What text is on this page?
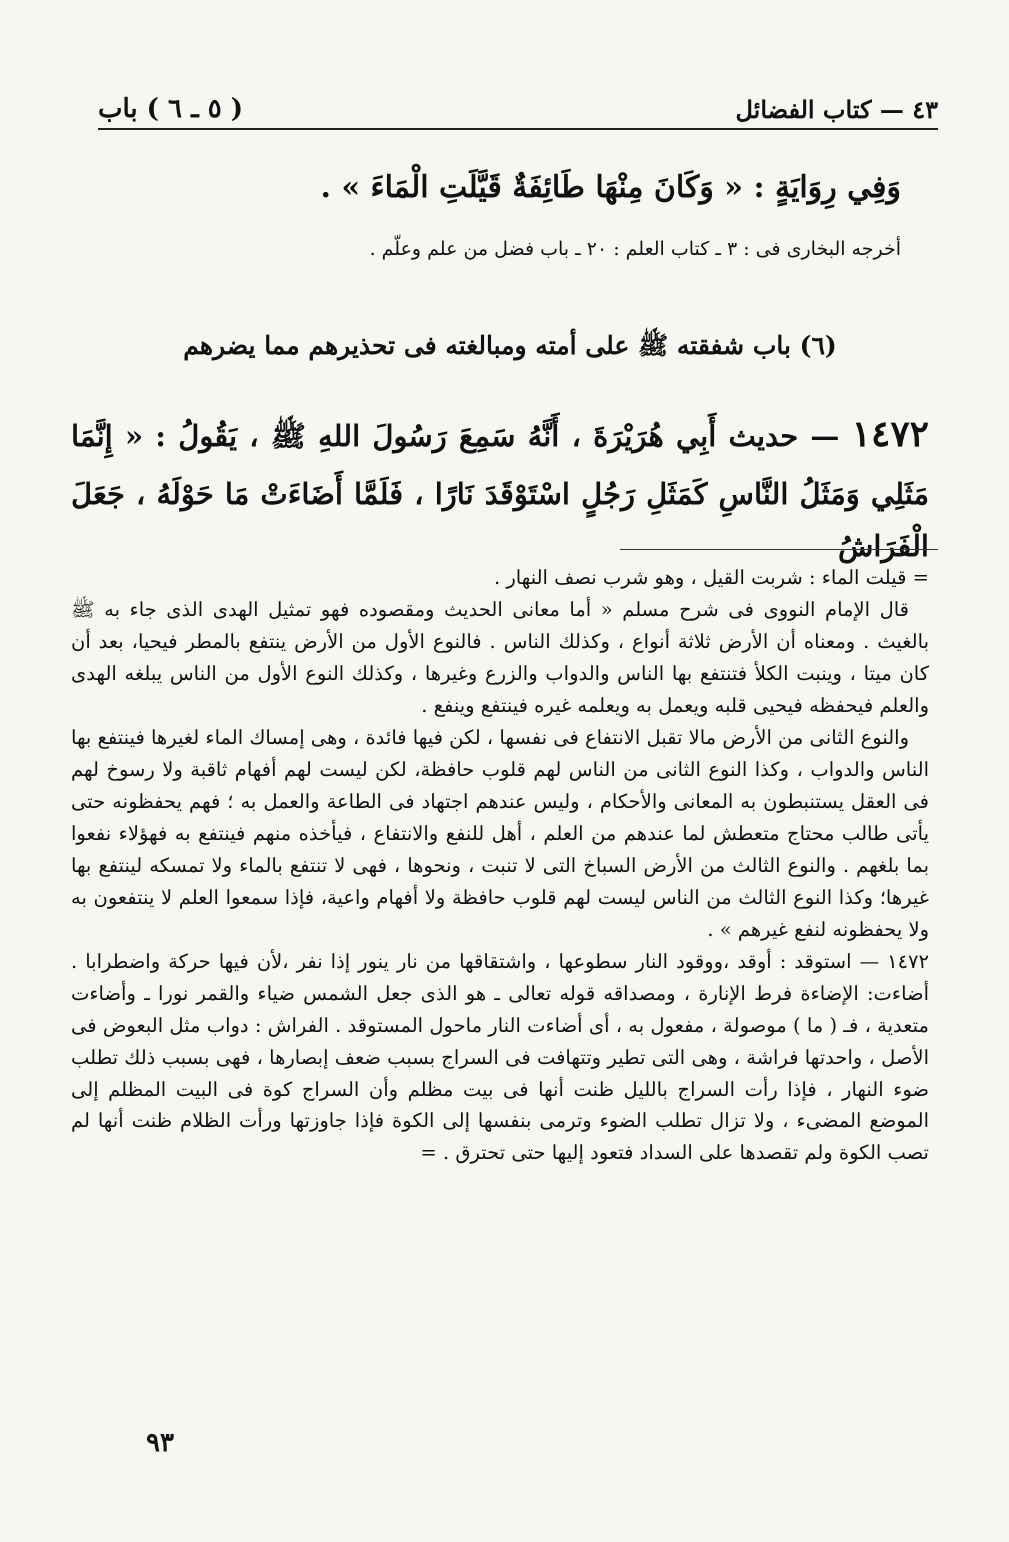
٤٣ — كتاب الفضائل
( ٥ ـ ٦ ) باب
وَفِي رِوَايَةٍ : « وَكَانَ مِنْهَا طَائِفَةٌ قَيَّلَتِ الْمَاءَ » .
أخرجه البخارى فى : ٣ ـ كتاب العلم : ٢٠ ـ باب فضل من علم وعلّم .
(٦) باب شفقته ﷺ على أمته ومبالغته فى تحذيرهم مما يضرهم
١٤٧٢ — حديث أَبِي هُرَيْرَةَ ، أَنَّهُ سَمِعَ رَسُولَ اللهِ ﷺ ، يَقُولُ : « إِنَّمَا مَثَلِي وَمَثَلُ النَّاسِ كَمَثَلِ رَجُلٍ اسْتَوْقَدَ نَارًا ، فَلَمَّا أَضَاءَتْ مَا حَوْلَهُ ، جَعَلَ الْفَرَاشُ

= قيلت الماء : شربت القيل ، وهو شرب نصف النهار .

قال الإمام النووى فى شرح مسلم « أما معانى الحديث ومقصوده فهو تمثيل الهدى الذى جاء به ﷺ بالغيث . ومعناه أن الأرض ثلاثة أنواع ، وكذلك الناس . فالنوع الأول من الأرض ينتفع بالمطر فيحيا، بعد أن كان ميتا ، وينبت الكلأ فتنتفع بها الناس والدواب والزرع وغيرها ، وكذلك النوع الأول من الناس يبلغه الهدى والعلم فيحفظه فيحيى قلبه ويعمل به ويعلمه غيره فينتفع وينفع .

والنوع الثانى من الأرض مالا تقبل الانتفاع فى نفسها ، لكن فيها فائدة ، وهى إمساك الماء لغيرها فينتفع بها الناس والدواب ، وكذا النوع الثانى من الناس لهم قلوب حافظة، لكن ليست لهم أفهام ثاقبة ولا رسوخ لهم فى العقل يستنبطون به المعانى والأحكام ، وليس عندهم اجتهاد فى الطاعة والعمل به ؛ فهم يحفظونه حتى يأتى طالب محتاج متعطش لما عندهم من العلم ، أهل للنفع والانتفاع ، فيأخذه منهم فينتفع به فهؤلاء نفعوا بما بلغهم . والنوع الثالث من الأرض السباخ التى لا تنبت ، ونحوها ، فهى لا تنتفع بالماء ولا تمسكه لينتفع بها غيرها؛ وكذا النوع الثالث من الناس ليست لهم قلوب حافظة ولا أفهام واعية، فإذا سمعوا العلم لا ينتفعون به ولا يحفظونه لنفع غيرهم » .

١٤٧٢ — استوقد : أوقد ،ووقود النار سطوعها ، واشتقاقها من نار ينور إذا نفر ،لأن فيها حركة واضطرابا . أضاءت: الإضاءة فرط الإنارة ، ومصداقه قوله تعالى ـ هو الذى جعل الشمس ضياء والقمر نورا ـ وأضاءت متعدية ، فـ ( ما ) موصولة ، مفعول به ، أى أضاءت النار ماحول المستوقد . الفراش : دواب مثل البعوض فى الأصل ، واحدتها فراشة ، وهى التى تطير وتتهافت فى السراج بسبب ضعف إبصارها ، فهى بسبب ذلك تطلب ضوء النهار ، فإذا رأت السراج بالليل ظنت أنها فى بيت مظلم وأن السراج كوة فى البيت المظلم إلى الموضع المضىء ، ولا تزال تطلب الضوء وترمى بنفسها إلى الكوة فإذا جاوزتها ورأت الظلام ظنت أنها لم تصب الكوة ولم تقصدها على السداد فتعود إليها حتى تحترق . =

٩٣
